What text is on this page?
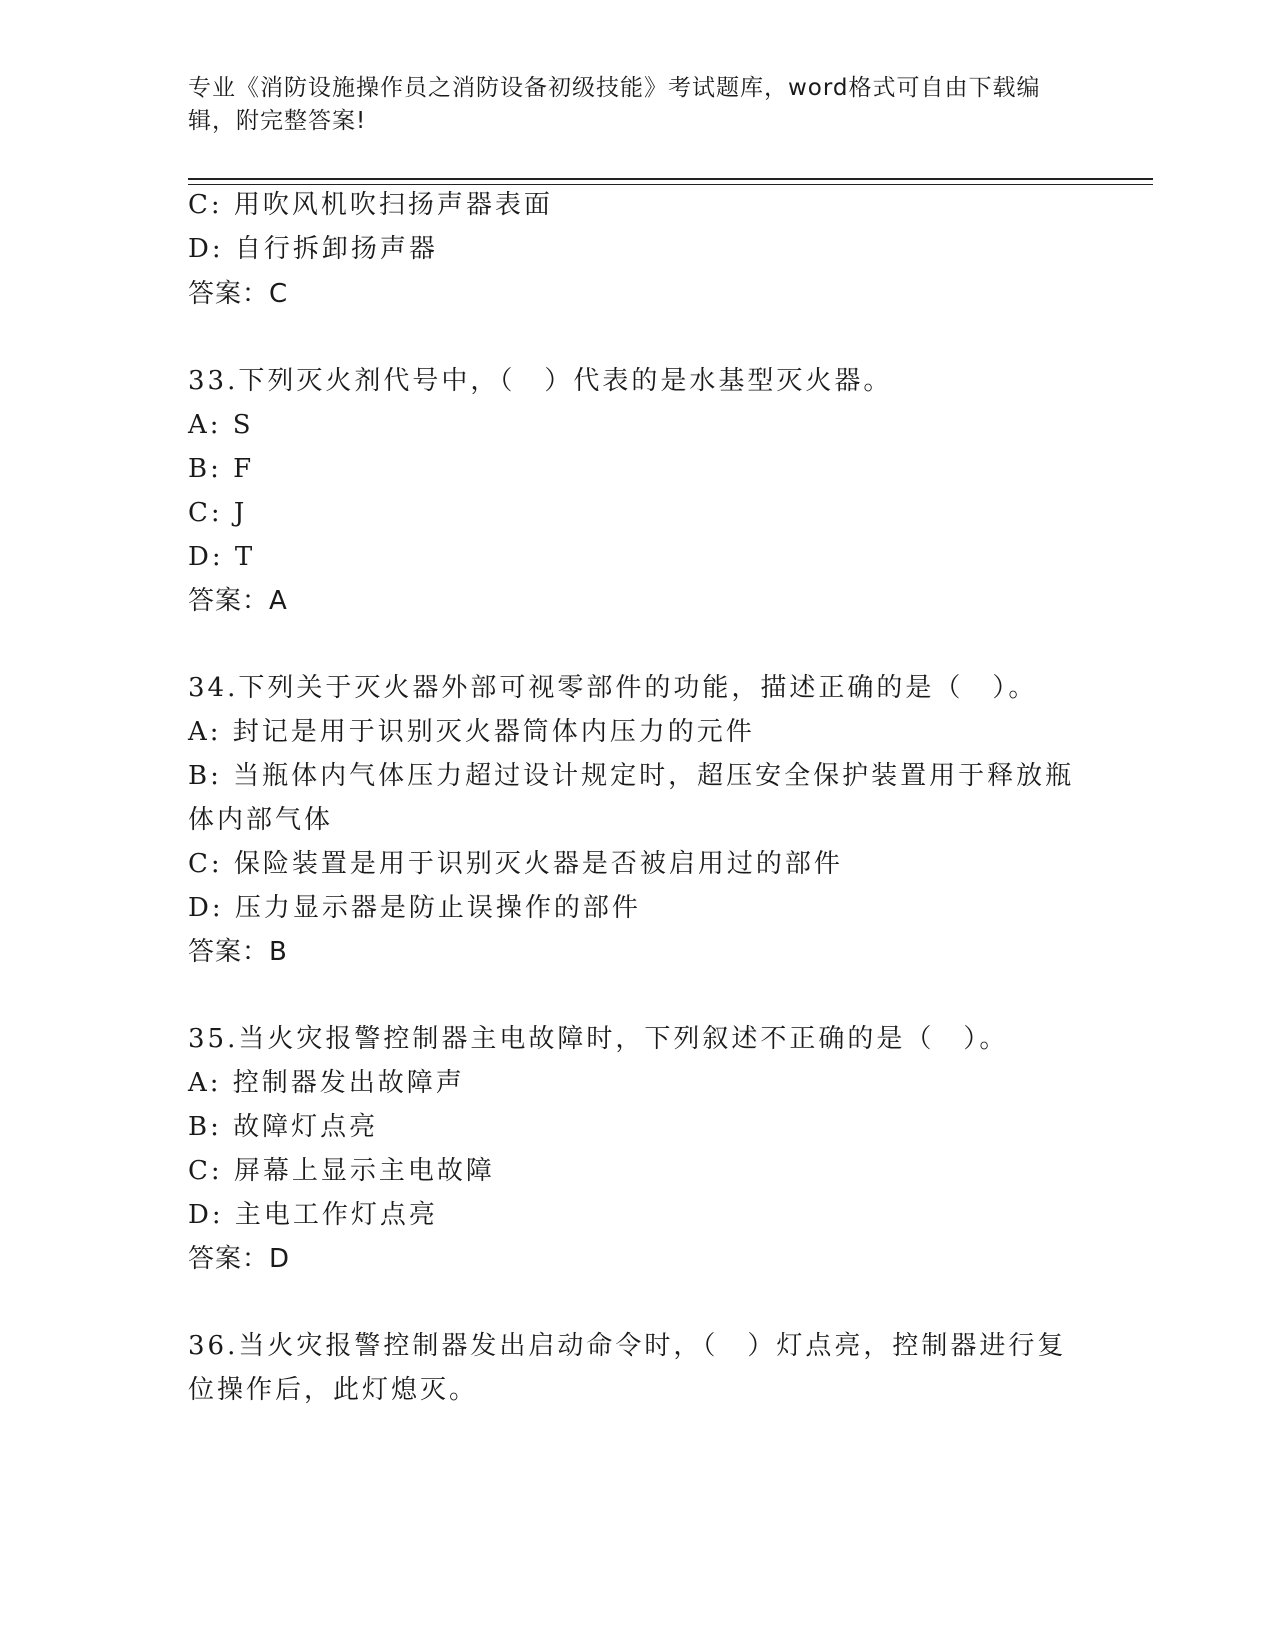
专业《消防设施操作员之消防设备初级技能》考试题库，word格式可自由下载编辑，附完整答案!
C: 用吹风机吹扫扬声器表面
D: 自行拆卸扬声器
答案：C
33.下列灭火剂代号中，（　）代表的是水基型灭火器。
A: S
B: F
C: J
D: T
答案：A
34.下列关于灭火器外部可视零部件的功能，描述正确的是（　）。
A: 封记是用于识别灭火器筒体内压力的元件
B: 当瓶体内气体压力超过设计规定时，超压安全保护装置用于释放瓶
体内部气体
C: 保险装置是用于识别灭火器是否被启用过的部件
D: 压力显示器是防止误操作的部件
答案：B
35.当火灾报警控制器主电故障时，下列叙述不正确的是（　）。
A: 控制器发出故障声
B: 故障灯点亮
C: 屏幕上显示主电故障
D: 主电工作灯点亮
答案：D
36.当火灾报警控制器发出启动命令时，（　）灯点亮，控制器进行复
位操作后，此灯熄灭。
